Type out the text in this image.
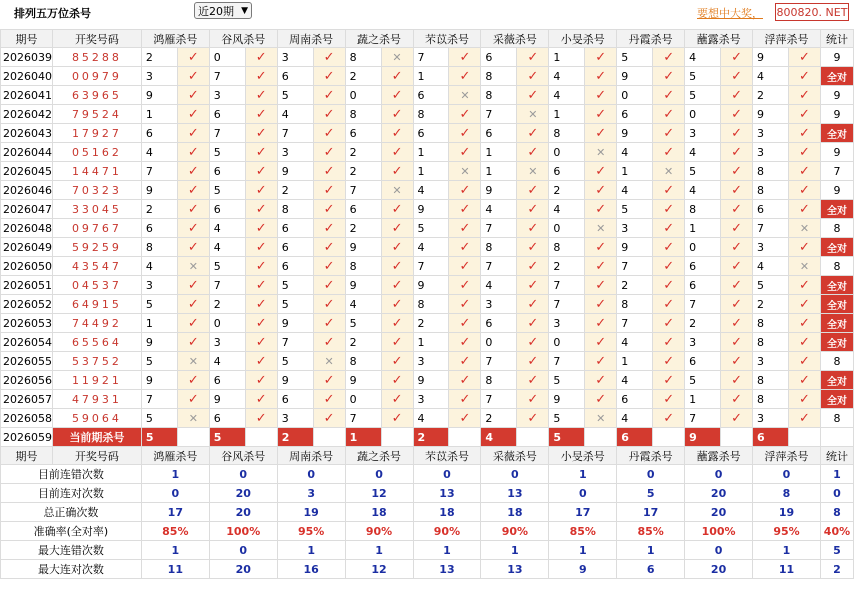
排列五万位杀号	近20期 ▼	要想中大奖， 800820. NET
期号	开奖号码	鸿雁杀号		谷风杀号		周南杀号		蔬之杀号		芣苡杀号		采薇杀号		小旻杀号		丹霞杀号		蘸露杀号		浮萍杀号		统计
2026039	85288	2	✓	0	✓	3	✓	8	✕	7	✓	6	✓	1	✓	5	✓	4	✓	9	✓	9
2026040	00979	3	✓	7	✓	6	✓	2	✓	1	✓	8	✓	4	✓	9	✓	5	✓	4	✓	全对
2026041	63965	9	✓	3	✓	5	✓	0	✓	6	✕	8	✓	4	✓	0	✓	5	✓	2	✓	9
2026042	79524	1	✓	6	✓	4	✓	8	✓	8	✓	7	✕	1	✓	6	✓	0	✓	9	✓	9
2026043	17927	6	✓	7	✓	7	✓	6	✓	6	✓	6	✓	8	✓	9	✓	3	✓	3	✓	全对
2026044	05162	4	✓	5	✓	3	✓	2	✓	1	✓	1	✓	0	✕	4	✓	4	✓	3	✓	9
2026045	14471	7	✓	6	✓	9	✓	2	✓	1	✕	1	✕	6	✓	1	✕	5	✓	8	✓	7
2026046	70323	9	✓	5	✓	2	✓	7	✕	4	✓	9	✓	2	✓	4	✓	4	✓	8	✓	9
2026047	33045	2	✓	6	✓	8	✓	6	✓	9	✓	4	✓	4	✓	5	✓	8	✓	6	✓	全对
2026048	09767	6	✓	4	✓	6	✓	2	✓	5	✓	7	✓	0	✕	3	✓	1	✓	7	✕	8
2026049	59259	8	✓	4	✓	6	✓	9	✓	4	✓	8	✓	8	✓	9	✓	0	✓	3	✓	全对
2026050	43547	4	✕	5	✓	6	✓	8	✓	7	✓	7	✓	2	✓	7	✓	6	✓	4	✕	8
2026051	04537	3	✓	7	✓	5	✓	9	✓	9	✓	4	✓	7	✓	2	✓	6	✓	5	✓	全对
2026052	64915	5	✓	2	✓	5	✓	4	✓	8	✓	3	✓	7	✓	8	✓	7	✓	2	✓	全对
2026053	74492	1	✓	0	✓	9	✓	5	✓	2	✓	6	✓	3	✓	7	✓	2	✓	8	✓	全对
2026054	65564	9	✓	3	✓	7	✓	2	✓	1	✓	0	✓	0	✓	4	✓	3	✓	8	✓	全对
2026055	53752	5	✕	4	✓	5	✕	8	✓	3	✓	7	✓	7	✓	1	✓	6	✓	3	✓	8
2026056	11921	9	✓	6	✓	9	✓	9	✓	9	✓	8	✓	5	✓	4	✓	5	✓	8	✓	全对
2026057	47931	7	✓	9	✓	6	✓	0	✓	3	✓	7	✓	9	✓	6	✓	1	✓	8	✓	全对
2026058	59064	5	✕	6	✓	3	✓	7	✓	4	✓	2	✓	5	✕	4	✓	7	✓	3	✓	8
2026059	当前期杀号	5		5		2		1		2		4		5		6		9		6		
期号	开奖号码	鸿雁杀号		谷风杀号		周南杀号		蔬之杀号		芣苡杀号		采薇杀号		小旻杀号		丹霞杀号		蘸露杀号		浮萍杀号		统计
目前连错次数		1		0		0		0		0		0		1		0		0		0		1
目前连对次数		0		20		3		12		13		13		0		5		20		8		0
总正确次数		17		20		19		18		18		18		17		17		20		19		8
准确率(全对率)		85%		100%		95%		90%		90%		90%		85%		85%		100%		95%		40%
最大连错次数		1		0		1		1		1		1		1		1		0		1		5
最大连对次数		11		20		16		12		13		13		9		6		20		11		2
